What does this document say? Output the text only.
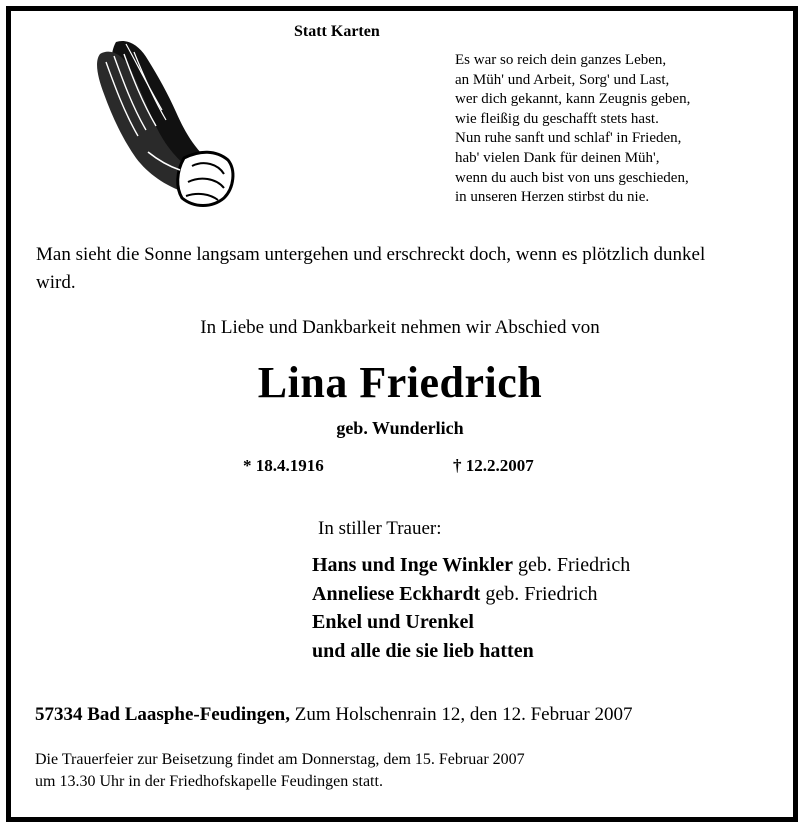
Statt Karten
Es war so reich dein ganzes Leben,
an Müh' und Arbeit, Sorg' und Last,
wer dich gekannt, kann Zeugnis geben,
wie fleißig du geschafft stets hast.
Nun ruhe sanft und schlaf' in Frieden,
hab' vielen Dank für deinen Müh',
wenn du auch bist von uns geschieden,
in unseren Herzen stirbst du nie.
Man sieht die Sonne langsam untergehen und erschreckt doch, wenn es plötzlich dunkel wird.
In Liebe und Dankbarkeit nehmen wir Abschied von
Lina Friedrich
geb. Wunderlich
* 18.4.1916	† 12.2.2007
In stiller Trauer:
Hans und Inge Winkler geb. Friedrich
Anneliese Eckhardt geb. Friedrich
Enkel und Urenkel
und alle die sie lieb hatten
57334 Bad Laasphe-Feudingen, Zum Holschenrain 12, den 12. Februar 2007
Die Trauerfeier zur Beisetzung findet am Donnerstag, dem 15. Februar 2007
um 13.30 Uhr in der Friedhofskapelle Feudingen statt.
